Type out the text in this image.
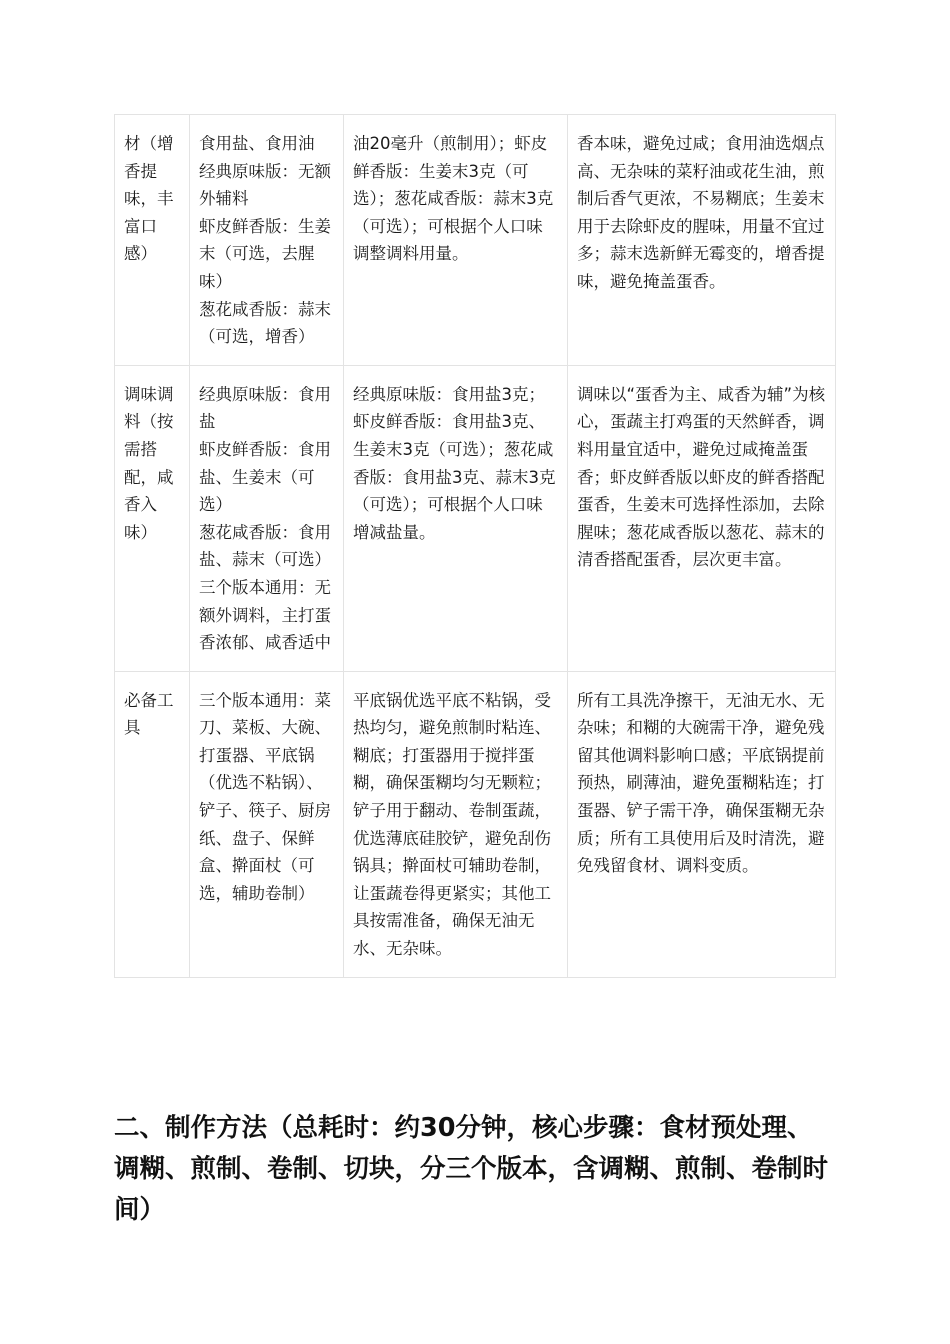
材（增香提味，丰富口感）	食用盐、食用油
经典原味版：无额外辅料
虾皮鲜香版：生姜末（可选，去腥味）
葱花咸香版：蒜末（可选，增香）	油20毫升（煎制用）；虾皮鲜香版：生姜末3克（可选）；葱花咸香版：蒜末3克（可选）；可根据个人口味调整调料用量。	香本味，避免过咸；食用油选烟点高、无杂味的菜籽油或花生油，煎制后香气更浓，不易糊底；生姜末用于去除虾皮的腥味，用量不宜过多；蒜末选新鲜无霉变的，增香提味，避免掩盖蛋香。
调味调料（按需搭配，咸香入味）	经典原味版：食用盐
虾皮鲜香版：食用盐、生姜末（可选）
葱花咸香版：食用盐、蒜末（可选）
三个版本通用：无额外调料，主打蛋香浓郁、咸香适中	经典原味版：食用盐3克；虾皮鲜香版：食用盐3克、生姜末3克（可选）；葱花咸香版：食用盐3克、蒜末3克（可选）；可根据个人口味增减盐量。	调味以“蛋香为主、咸香为辅”为核心，蛋蔬主打鸡蛋的天然鲜香，调料用量宜适中，避免过咸掩盖蛋香；虾皮鲜香版以虾皮的鲜香搭配蛋香，生姜末可选择性添加，去除腥味；葱花咸香版以葱花、蒜末的清香搭配蛋香，层次更丰富。
必备工具	三个版本通用：菜刀、菜板、大碗、打蛋器、平底锅（优选不粘锅）、铲子、筷子、厨房纸、盘子、保鲜盒、擀面杖（可选，辅助卷制）	平底锅优选平底不粘锅，受热均匀，避免煎制时粘连、糊底；打蛋器用于搅拌蛋糊，确保蛋糊均匀无颗粒；铲子用于翻动、卷制蛋蔬，优选薄底硅胶铲，避免刮伤锅具；擀面杖可辅助卷制，让蛋蔬卷得更紧实；其他工具按需准备，确保无油无水、无杂味。	所有工具洗净擦干，无油无水、无杂味；和糊的大碗需干净，避免残留其他调料影响口感；平底锅提前预热，刷薄油，避免蛋糊粘连；打蛋器、铲子需干净，确保蛋糊无杂质；所有工具使用后及时清洗，避免残留食材、调料变质。
二、制作方法（总耗时：约30分钟，核心步骤：食材预处理、调糊、煎制、卷制、切块，分三个版本，含调糊、煎制、卷制时间）
